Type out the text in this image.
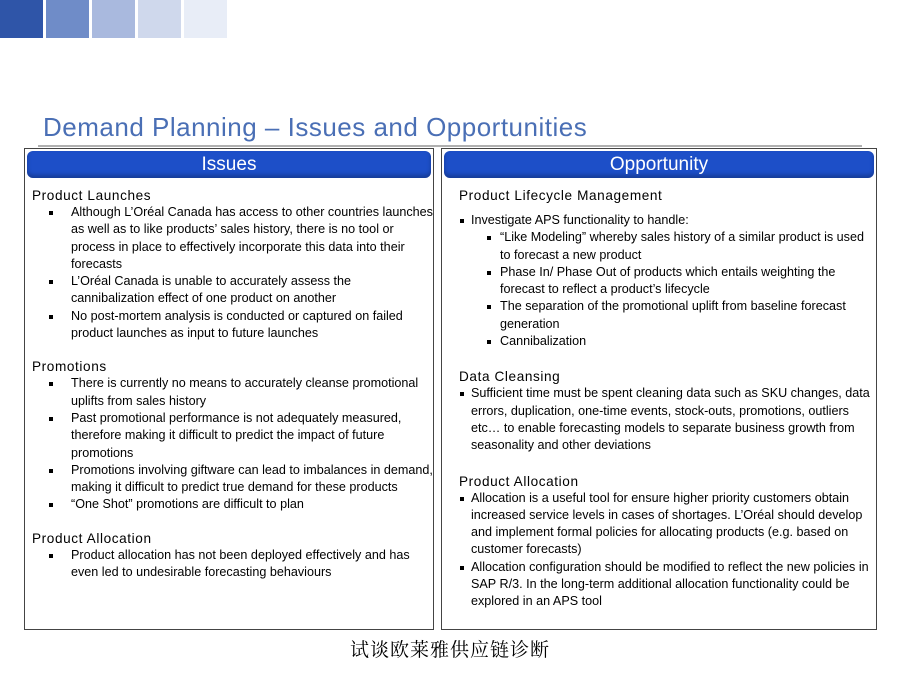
Demand Planning – Issues and Opportunities
Issues

Product Launches

Although L’Oréal Canada has access to other countries launches as well as to like products’ sales history, there is no tool or process in place to effectively incorporate this data into their forecasts
L’Oréal Canada is unable to accurately assess the cannibalization effect of one product on another
No post-mortem analysis is conducted or captured on failed product launches as input to future launches

Promotions

There is currently no means to accurately cleanse promotional uplifts from sales history
Past promotional performance is not adequately measured, therefore making it difficult to predict the impact of future promotions
Promotions involving giftware can lead to imbalances in demand, making it difficult to predict true demand for these products
“One Shot” promotions are difficult to plan

Product Allocation

Product allocation has not been deployed effectively and has even led to undesirable forecasting behaviours
Opportunity

Product Lifecycle Management

Investigate APS functionality to handle:
“Like Modeling” whereby sales history of a similar product is used to forecast a new product
Phase In/ Phase Out of products which entails weighting the forecast to reflect a product’s lifecycle
The separation of the promotional uplift from baseline forecast generation
Cannibalization

Data Cleansing

Sufficient time must be spent cleaning data such as SKU changes, data errors, duplication, one-time events, stock-outs, promotions, outliers etc… to enable forecasting models to separate business growth from seasonality and other deviations

Product Allocation

Allocation is a useful tool for ensure higher priority customers obtain increased service levels in cases of shortages. L’Oréal should develop and implement formal policies for allocating products (e.g. based on customer forecasts)
Allocation configuration should be modified to reflect the new policies in SAP R/3. In the long-term additional allocation functionality could be explored in an APS tool
试谈欧莱雅供应链诊断
